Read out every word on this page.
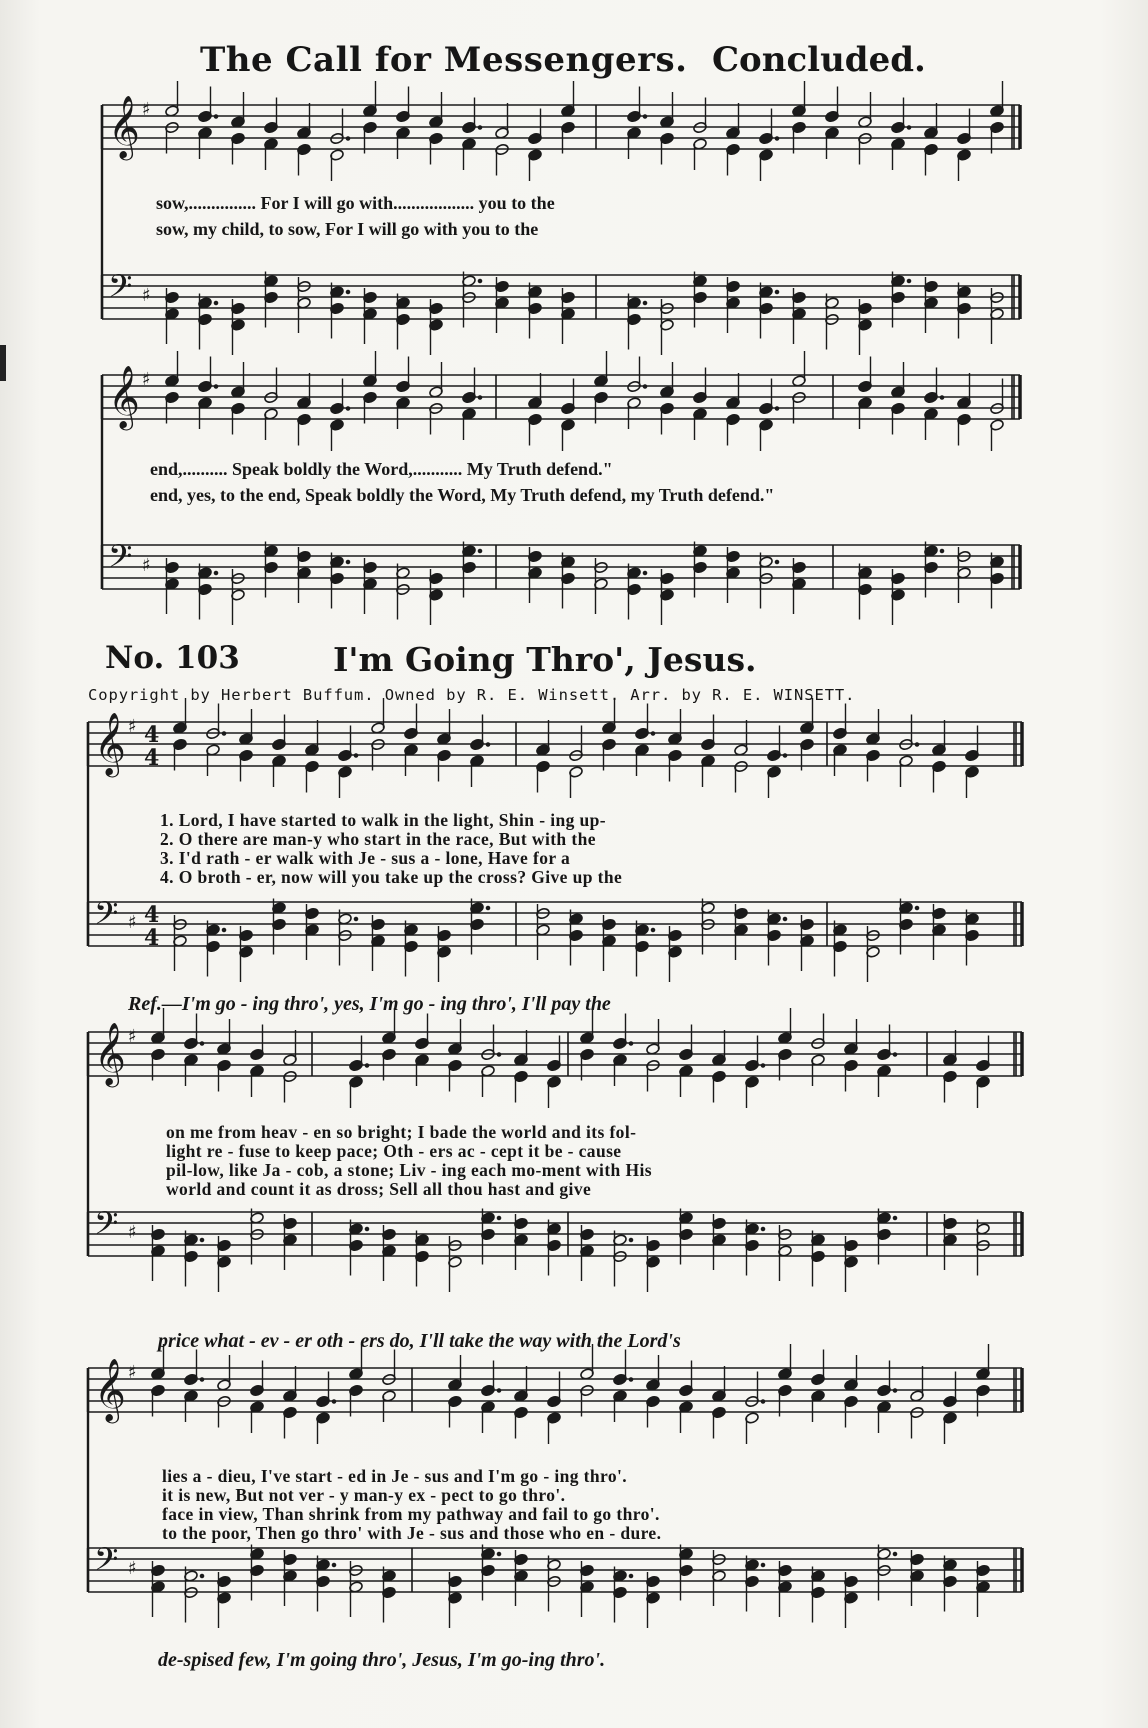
The Call for Messengers. Concluded.
𝄞 ♯
𝄢 ♯
𝄞 ♯
𝄢 ♯
𝄞 ♯ 4
4
𝄢 ♯ 4
4
𝄞 ♯
𝄢 ♯
𝄞 ♯
𝄢 ♯
sow,............... For I will go with.................. you to the
sow, my child, to sow, For I will go with you to the
end,.......... Speak boldly the Word,........... My Truth defend."
end, yes, to the end, Speak boldly the Word, My Truth defend, my Truth defend."
No. 103	I'm Going Thro', Jesus.
Copyright by Herbert Buffum. Owned by R. E. Winsett. Arr. by R. E. WINSETT.
1. Lord, I have started to walk in the light, Shin - ing up-
2. O there are man-y who start in the race, But with the
3. I'd rath - er walk with Je - sus a - lone, Have for a
4. O broth - er, now will you take up the cross? Give up the
Ref.—I'm go - ing thro', yes, I'm go - ing thro', I'll pay the
on me from heav - en so bright; I bade the world and its fol-
light re - fuse to keep pace; Oth - ers ac - cept it be - cause
pil-low, like Ja - cob, a stone; Liv - ing each mo-ment with His
world and count it as dross; Sell all thou hast and give
price what - ev - er oth - ers do, I'll take the way with the Lord's
lies a - dieu, I've start - ed in Je - sus and I'm go - ing thro'.
it is new, But not ver - y man-y ex - pect to go thro'.
face in view, Than shrink from my pathway and fail to go thro'.
to the poor, Then go thro' with Je - sus and those who en - dure.
de-spised few, I'm going thro', Jesus, I'm go-ing thro'.
